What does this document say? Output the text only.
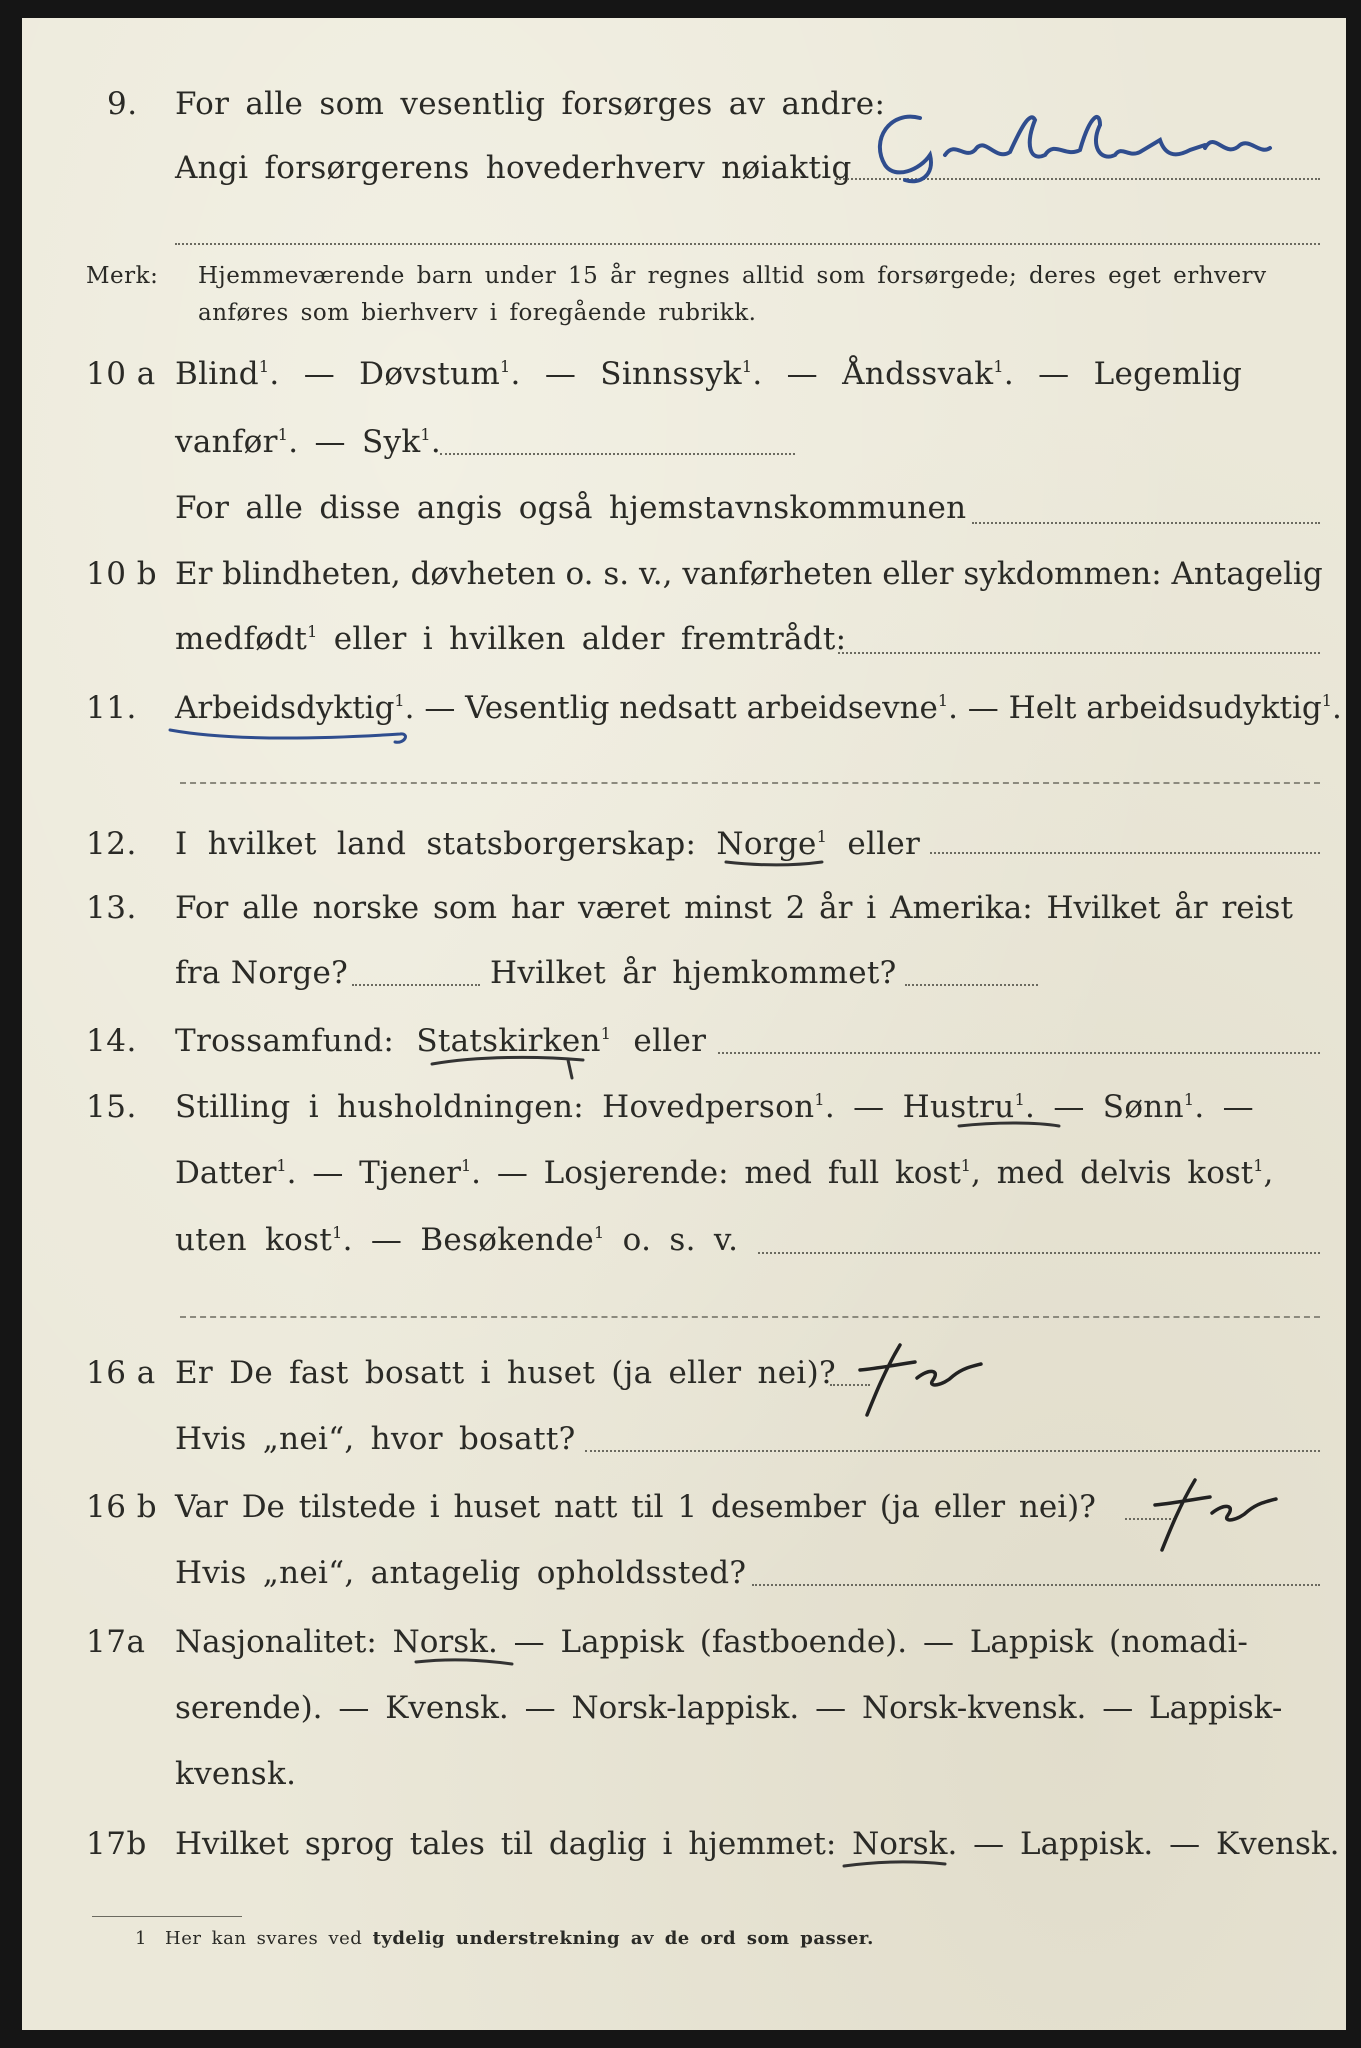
9. For alle som vesentlig forsørges av andre:
Angi forsørgerens hovederhverv nøiaktig
Merk: Hjemmeværende barn under 15 år regnes alltid som forsørgede; deres eget erhverv
anføres som bierhverv i foregående rubrikk.
10 a Blind$^1$. — Døvstum$^1$. — Sinnssyk$^1$. — Åndssvak$^1$. — Legemlig
vanfør$^1$. — Syk$^1$.
For alle disse angis også hjemstavnskommunen
10 b Er blindheten, døvheten o. s. v., vanførheten eller sykdommen: Antagelig
medfødt$^1$ eller i hvilken alder fremtrådt:
11. Arbeidsdyktig$^1$. — Vesentlig nedsatt arbeidsevne$^1$. — Helt arbeidsudyktig$^1$.
12. I hvilket land statsborgerskap: Norge$^1$ eller
13. For alle norske som har været minst 2 år i Amerika: Hvilket år reist
fra Norge?	Hvilket år hjemkommet?
14. Trossamfund: Statskirken$^1$ eller
15. Stilling i husholdningen: Hovedperson$^1$. — Hustru$^1$. — Sønn$^1$. —
Datter$^1$. — Tjener$^1$. — Losjerende: med full kost$^1$, med delvis kost$^1$,
uten kost$^1$. — Besøkende$^1$ o. s. v.
16 a Er De fast bosatt i huset (ja eller nei)?
Hvis „nei“, hvor bosatt?
16 b Var De tilstede i huset natt til 1 desember (ja eller nei)?
Hvis „nei“, antagelig opholdssted?
17a Nasjonalitet: Norsk. — Lappisk (fastboende). — Lappisk (nomadi-
serende). — Kvensk. — Norsk-lappisk. — Norsk-kvensk. — Lappisk-
kvensk.
17b Hvilket sprog tales til daglig i hjemmet: Norsk. — Lappisk. — Kvensk.
1 Her kan svares ved tydelig understrekning av de ord som passer.
